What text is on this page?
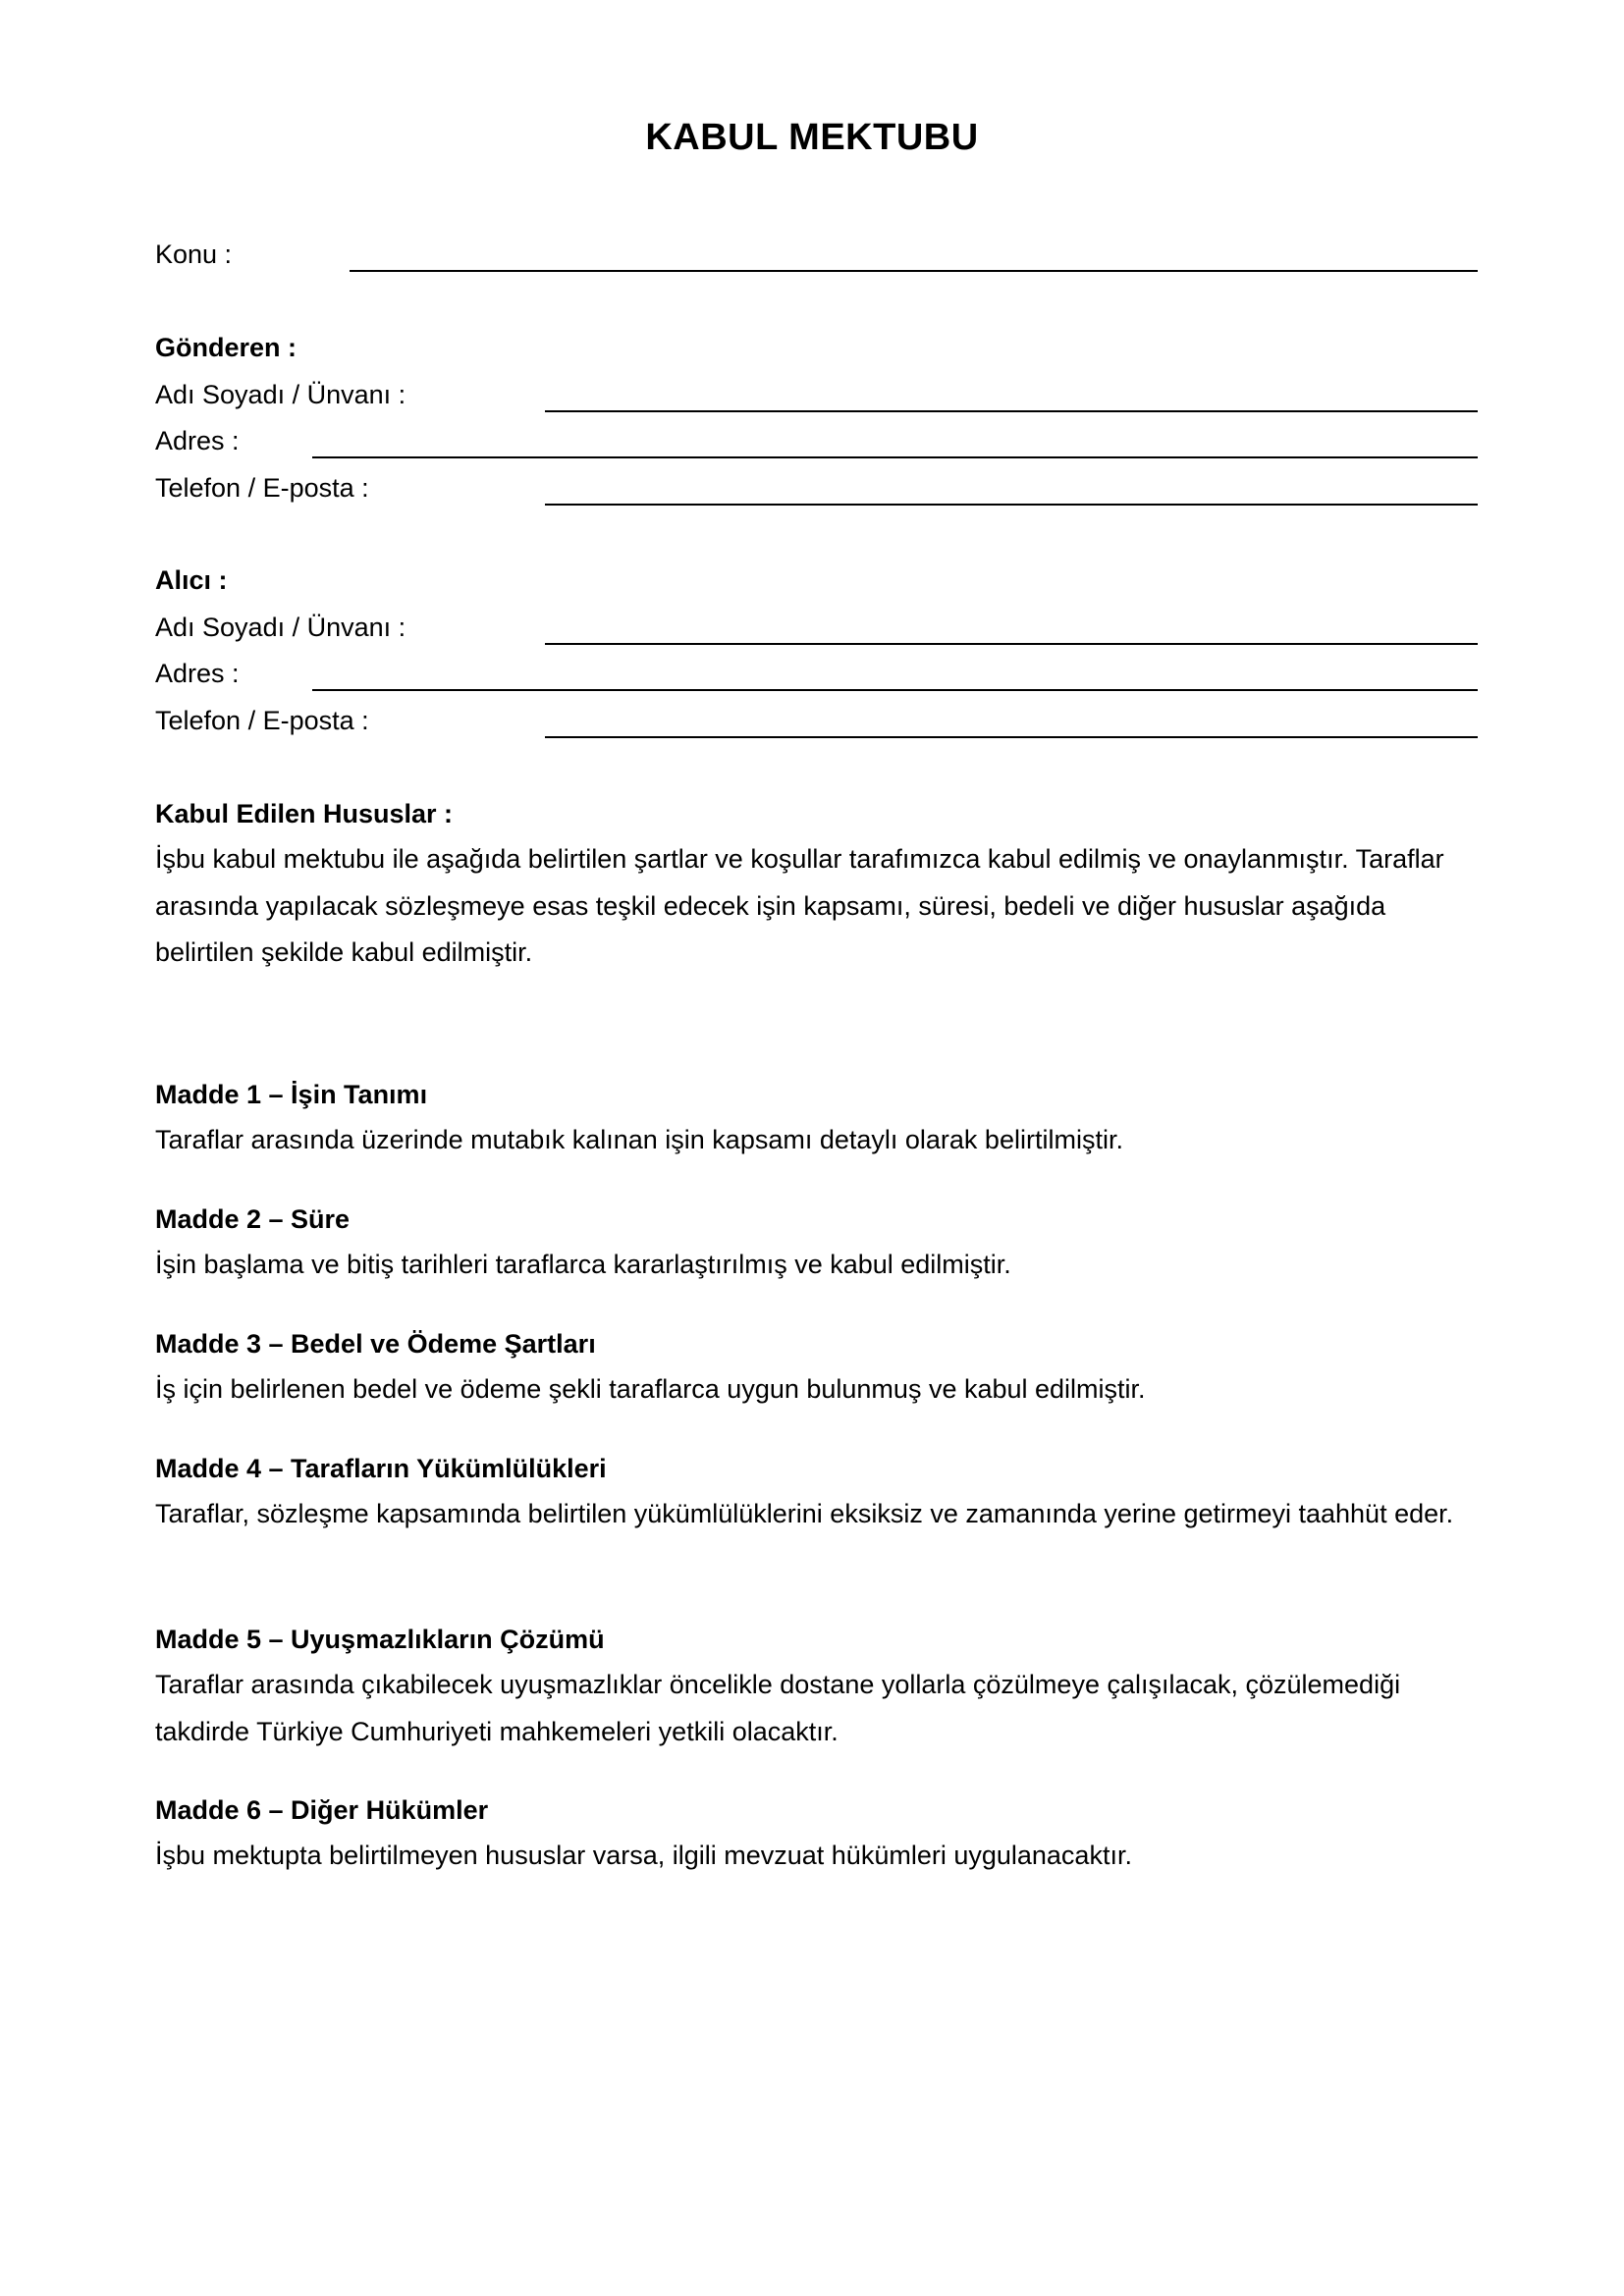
KABUL MEKTUBU
Konu :
Gönderen :
Adı Soyadı / Ünvanı :
Adres :
Telefon / E-posta :
Alıcı :
Adı Soyadı / Ünvanı :
Adres :
Telefon / E-posta :
Kabul Edilen Hususlar :
İşbu kabul mektubu ile aşağıda belirtilen şartlar ve koşullar tarafımızca kabul edilmiş ve onaylanmıştır. Taraflar arasında yapılacak sözleşmeye esas teşkil edecek işin kapsamı, süresi, bedeli ve diğer hususlar aşağıda belirtilen şekilde kabul edilmiştir.
Madde 1 – İşin Tanımı
Taraflar arasında üzerinde mutabık kalınan işin kapsamı detaylı olarak belirtilmiştir.
Madde 2 – Süre
İşin başlama ve bitiş tarihleri taraflarca kararlaştırılmış ve kabul edilmiştir.
Madde 3 – Bedel ve Ödeme Şartları
İş için belirlenen bedel ve ödeme şekli taraflarca uygun bulunmuş ve kabul edilmiştir.
Madde 4 – Tarafların Yükümlülükleri
Taraflar, sözleşme kapsamında belirtilen yükümlülüklerini eksiksiz ve zamanında yerine getirmeyi taahhüt eder.
Madde 5 – Uyuşmazlıkların Çözümü
Taraflar arasında çıkabilecek uyuşmazlıklar öncelikle dostane yollarla çözülmeye çalışılacak, çözülemediği takdirde Türkiye Cumhuriyeti mahkemeleri yetkili olacaktır.
Madde 6 – Diğer Hükümler
İşbu mektupta belirtilmeyen hususlar varsa, ilgili mevzuat hükümleri uygulanacaktır.
